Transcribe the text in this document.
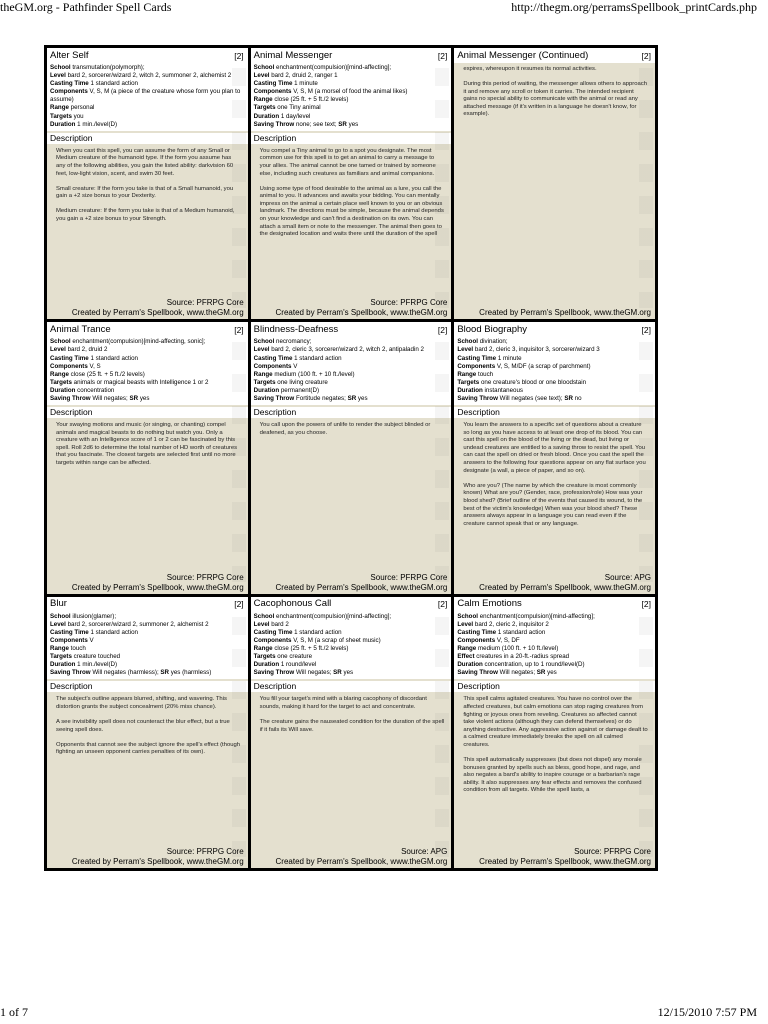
theGM.org - Pathfinder Spell Cards	http://thegm.org/perramsSpellbook_printCards.php
Alter Self	[2]
School transmutation(polymorph);
Level bard 2, sorcerer/wizard 2, witch 2, summoner 2, alchemist 2
Casting Time 1 standard action
Components V, S, M (a piece of the creature whose form you plan to assume)
Range personal
Targets you
Duration 1 min./level(D)
Description

When you cast this spell, you can assume the form of any Small or Medium creature of the humanoid type. If the form you assume has any of the following abilities, you gain the listed ability: darkvision 60 feet, low-light vision, scent, and swim 30 feet.

Small creature: If the form you take is that of a Small humanoid, you gain a +2 size bonus to your Dexterity.

Medium creature: If the form you take is that of a Medium humanoid, you gain a +2 size bonus to your Strength.

Source: PFRPG Core
Created by Perram's Spellbook, www.theGM.org
Animal Messenger	[2]
School enchantment(compulsion)[mind-affecting];
Level bard 2, druid 2, ranger 1
Casting Time 1 minute
Components V, S, M (a morsel of food the animal likes)
Range close (25 ft. + 5 ft./2 levels)
Targets one Tiny animal
Duration 1 day/level
Saving Throw none; see text; SR yes
Description

You compel a Tiny animal to go to a spot you designate. The most common use for this spell is to get an animal to carry a message to your allies. The animal cannot be one tamed or trained by someone else, including such creatures as familiars and animal companions.

Using some type of food desirable to the animal as a lure, you call the animal to you. It advances and awaits your bidding. You can mentally impress on the animal a certain place well known to you or an obvious landmark. The directions must be simple, because the animal depends on your knowledge and can't find a destination on its own. You can attach a small item or note to the messenger. The animal then goes to the designated location and waits there until the duration of the spell

Source: PFRPG Core
Created by Perram's Spellbook, www.theGM.org
Animal Messenger (Continued)	[2]

expires, whereupon it resumes its normal activities.

During this period of waiting, the messenger allows others to approach it and remove any scroll or token it carries. The intended recipient gains no special ability to communicate with the animal or read any attached message (if it's written in a language he doesn't know, for example).

Created by Perram's Spellbook, www.theGM.org
Animal Trance	[2]
School enchantment(compulsion)[mind-affecting, sonic];
Level bard 2, druid 2
Casting Time 1 standard action
Components V, S
Range close (25 ft. + 5 ft./2 levels)
Targets animals or magical beasts with Intelligence 1 or 2
Duration concentration
Saving Throw Will negates; SR yes
Description

Your swaying motions and music (or singing, or chanting) compel animals and magical beasts to do nothing but watch you. Only a creature with an Intelligence score of 1 or 2 can be fascinated by this spell. Roll 2d6 to determine the total number of HD worth of creatures that you fascinate. The closest targets are selected first until no more targets within range can be affected.

Source: PFRPG Core
Created by Perram's Spellbook, www.theGM.org
Blindness-Deafness	[2]
School necromancy;
Level bard 2, cleric 3, sorcerer/wizard 2, witch 2, antipaladin 2
Casting Time 1 standard action
Components V
Range medium (100 ft. + 10 ft./level)
Targets one living creature
Duration permanent(D)
Saving Throw Fortitude negates; SR yes
Description

You call upon the powers of unlife to render the subject blinded or deafened, as you choose.

Source: PFRPG Core
Created by Perram's Spellbook, www.theGM.org
Blood Biography	[2]
School divination;
Level bard 2, cleric 3, inquisitor 3, sorcerer/wizard 3
Casting Time 1 minute
Components V, S, M/DF (a scrap of parchment)
Range touch
Targets one creature's blood or one bloodstain
Duration instantaneous
Saving Throw Will negates (see text); SR no
Description

You learn the answers to a specific set of questions about a creature so long as you have access to at least one drop of its blood. You can cast this spell on the blood of the living or the dead, but living or undead creatures are entitled to a saving throw to resist the spell. You can cast the spell on dried or fresh blood. Once you cast the spell the answers to the following four questions appear on any flat surface you designate (a wall, a piece of paper, and so on).

Who are you? (The name by which the creature is most commonly known) What are you? (Gender, race, profession/role) How was your blood shed? (Brief outline of the events that caused its wound, to the best of the victim's knowledge) When was your blood shed? These answers always appear in a language you can read even if the creature cannot speak that or any language.

Source: APG
Created by Perram's Spellbook, www.theGM.org
Blur	[2]
School illusion(glamer);
Level bard 2, sorcerer/wizard 2, summoner 2, alchemist 2
Casting Time 1 standard action
Components V
Range touch
Targets creature touched
Duration 1 min./level(D)
Saving Throw Will negates (harmless); SR yes (harmless)
Description

The subject's outline appears blurred, shifting, and wavering. This distortion grants the subject concealment (20% miss chance).

A see invisibility spell does not counteract the blur effect, but a true seeing spell does.

Opponents that cannot see the subject ignore the spell's effect (though fighting an unseen opponent carries penalties of its own).

Source: PFRPG Core
Created by Perram's Spellbook, www.theGM.org
Cacophonous Call	[2]
School enchantment(compulsion)[mind-affecting];
Level bard 2
Casting Time 1 standard action
Components V, S, M (a scrap of sheet music)
Range close (25 ft. + 5 ft./2 levels)
Targets one creature
Duration 1 round/level
Saving Throw Will negates; SR yes
Description

You fill your target's mind with a blaring cacophony of discordant sounds, making it hard for the target to act and concentrate.

The creature gains the nauseated condition for the duration of the spell if it fails its Will save.

Source: APG
Created by Perram's Spellbook, www.theGM.org
Calm Emotions	[2]
School enchantment(compulsion)[mind-affecting];
Level bard 2, cleric 2, inquisitor 2
Casting Time 1 standard action
Components V, S, DF
Range medium (100 ft. + 10 ft./level)
Effect creatures in a 20-ft.-radius spread
Duration concentration, up to 1 round/level(D)
Saving Throw Will negates; SR yes
Description

This spell calms agitated creatures. You have no control over the affected creatures, but calm emotions can stop raging creatures from fighting or joyous ones from reveling. Creatures so affected cannot take violent actions (although they can defend themselves) or do anything destructive. Any aggressive action against or damage dealt to a calmed creature immediately breaks the spell on all calmed creatures.

This spell automatically suppresses (but does not dispel) any morale bonuses granted by spells such as bless, good hope, and rage, and also negates a bard's ability to inspire courage or a barbarian's rage ability. It also suppresses any fear effects and removes the confused condition from all targets. While the spell lasts, a

Source: PFRPG Core
Created by Perram's Spellbook, www.theGM.org
1 of 7	12/15/2010 7:57 PM
